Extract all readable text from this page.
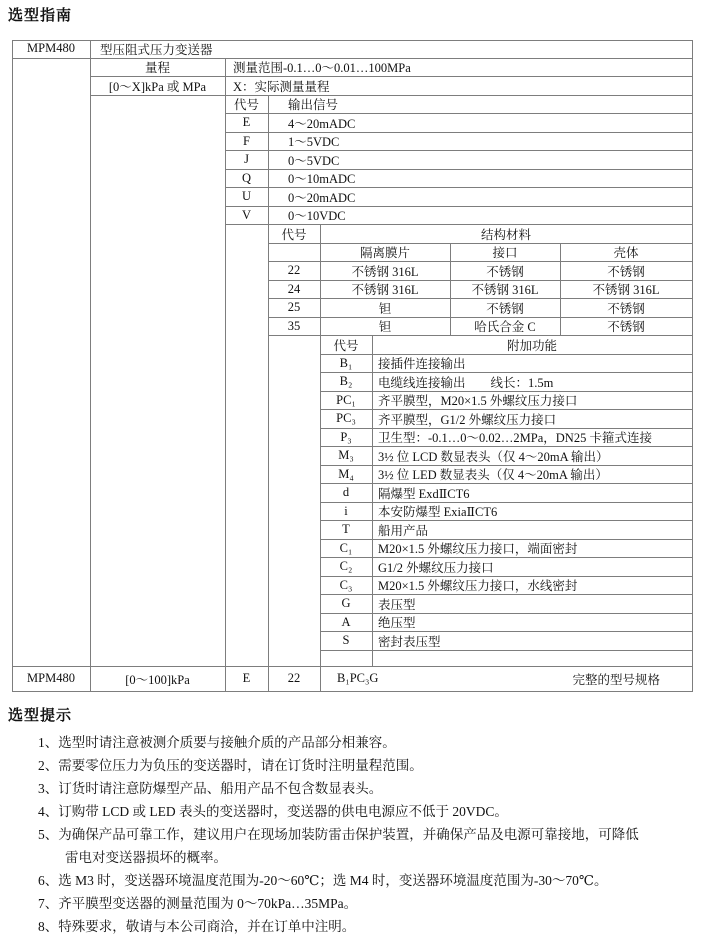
选型指南
MPM480	型压阻式压力变送器
量程	测量范围-0.1…0～0.01…100MPa
[0～X]kPa 或 MPa	X：实际测量量程
代号	输出信号
E	4～20mADC
F	1～5VDC
J	0～5VDC
Q	0～10mADC
U	0～20mADC
V	0～10VDC
代号	结构材料
隔离膜片	接口	壳体
22	不锈钢 316L	不锈钢	不锈钢
24	不锈钢 316L	不锈钢 316L	不锈钢 316L
25	钽	不锈钢	不锈钢
35	钽	哈氏合金 C	不锈钢
代号	附加功能
B₁	接插件连接输出
B₂	电缆线连接输出　　线长：1.5m
PC₁	齐平膜型，M20×1.5 外螺纹压力接口
PC₃	齐平膜型，G1/2 外螺纹压力接口
P₃	卫生型：-0.1…0～0.02…2MPa，DN25 卡箍式连接
M₃	3½ 位 LCD 数显表头（仅 4～20mA 输出）
M₄	3½ 位 LED 数显表头（仅 4～20mA 输出）
d	隔爆型 ExdⅡCT6
i	本安防爆型 ExiaⅡCT6
T	船用产品
C₁	M20×1.5 外螺纹压力接口，端面密封
C₂	G1/2 外螺纹压力接口
C₃	M20×1.5 外螺纹压力接口，水线密封
G	表压型
A	绝压型
S	密封表压型
MPM480	[0～100]kPa	E	22	B₁PC₃G	完整的型号规格
选型提示
1、选型时请注意被测介质要与接触介质的产品部分相兼容。
2、需要零位压力为负压的变送器时，请在订货时注明量程范围。
3、订货时请注意防爆型产品、船用产品不包含数显表头。
4、订购带 LCD 或 LED 表头的变送器时，变送器的供电电源应不低于 20VDC。
5、为确保产品可靠工作，建议用户在现场加装防雷击保护装置，并确保产品及电源可靠接地，可降低雷电对变送器损坏的概率。
6、选 M3 时，变送器环境温度范围为-20～60℃；选 M4 时，变送器环境温度范围为-30～70℃。
7、齐平膜型变送器的测量范围为 0～70kPa…35MPa。
8、特殊要求，敬请与本公司商洽，并在订单中注明。
